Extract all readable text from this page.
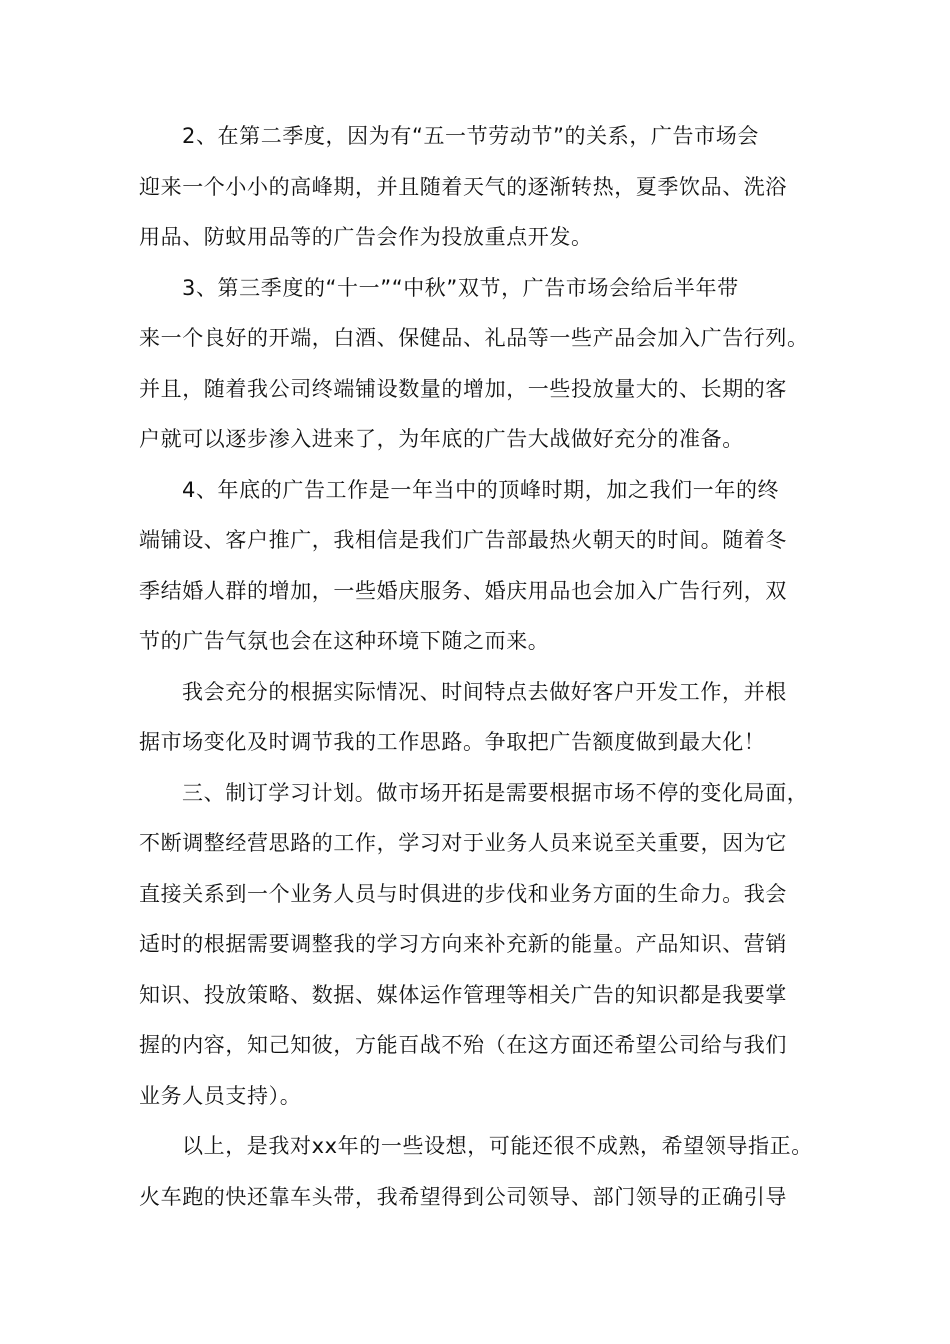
2、在第二季度，因为有“五一节劳动节”的关系，广告市场会
迎来一个小小的高峰期，并且随着天气的逐渐转热，夏季饮品、洗浴
用品、防蚊用品等的广告会作为投放重点开发。
3、第三季度的“十一”“中秋”双节，广告市场会给后半年带
来一个良好的开端，白酒、保健品、礼品等一些产品会加入广告行列。
并且，随着我公司终端铺设数量的增加，一些投放量大的、长期的客
户就可以逐步渗入进来了，为年底的广告大战做好充分的准备。
4、年底的广告工作是一年当中的顶峰时期，加之我们一年的终
端铺设、客户推广，我相信是我们广告部最热火朝天的时间。随着冬
季结婚人群的增加，一些婚庆服务、婚庆用品也会加入广告行列，双
节的广告气氛也会在这种环境下随之而来。
我会充分的根据实际情况、时间特点去做好客户开发工作，并根
据市场变化及时调节我的工作思路。争取把广告额度做到最大化！
三、制订学习计划。做市场开拓是需要根据市场不停的变化局面，
不断调整经营思路的工作，学习对于业务人员来说至关重要，因为它
直接关系到一个业务人员与时俱进的步伐和业务方面的生命力。我会
适时的根据需要调整我的学习方向来补充新的能量。产品知识、营销
知识、投放策略、数据、媒体运作管理等相关广告的知识都是我要掌
握的内容，知己知彼，方能百战不殆（在这方面还希望公司给与我们
业务人员支持）。
以上，是我对xx年的一些设想，可能还很不成熟，希望领导指正。
火车跑的快还靠车头带，我希望得到公司领导、部门领导的正确引导
